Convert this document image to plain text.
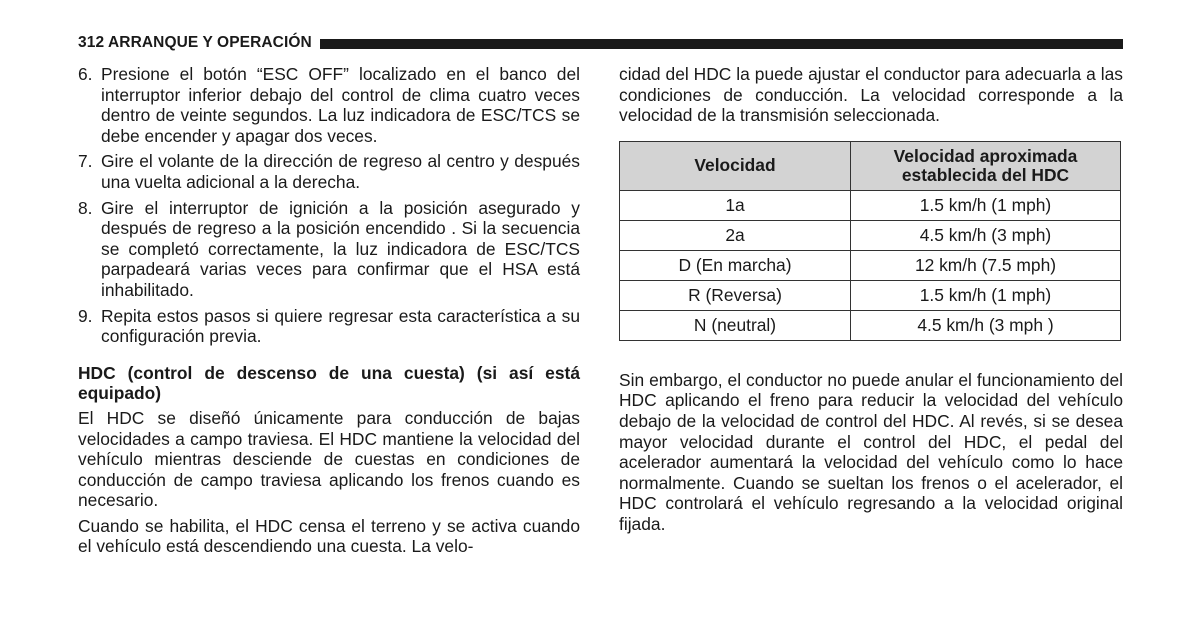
312 ARRANQUE Y OPERACIÓN
6. Presione el botón “ESC OFF” localizado en el banco del interruptor inferior debajo del control de clima cuatro veces dentro de veinte segundos. La luz indicadora de ESC/TCS se debe encender y apagar dos veces.
7. Gire el volante de la dirección de regreso al centro y después una vuelta adicional a la derecha.
8. Gire el interruptor de ignición a la posición asegurado y después de regreso a la posición encendido . Si la secuencia se completó correctamente, la luz indicadora de ESC/TCS parpadeará varias veces para confirmar que el HSA está inhabilitado.
9. Repita estos pasos si quiere regresar esta característica a su configuración previa.

HDC (control de descenso de una cuesta) (si así está equipado)

El HDC se diseñó únicamente para conducción de bajas velocidades a campo traviesa. El HDC mantiene la velocidad del vehículo mientras desciende de cuestas en condiciones de conducción de campo traviesa aplicando los frenos cuando es necesario.

Cuando se habilita, el HDC censa el terreno y se activa cuando el vehículo está descendiendo una cuesta. La velo-

cidad del HDC la puede ajustar el conductor para adecuarla a las condiciones de conducción. La velocidad corresponde a la velocidad de la transmisión seleccionada.

Velocidad	Velocidad aproximada establecida del HDC
1a	1.5 km/h (1 mph)
2a	4.5 km/h (3 mph)
D (En marcha)	12 km/h (7.5 mph)
R (Reversa)	1.5 km/h (1 mph)
N (neutral)	4.5 km/h (3 mph )

Sin embargo, el conductor no puede anular el funcionamiento del HDC aplicando el freno para reducir la velocidad del vehículo debajo de la velocidad de control del HDC. Al revés, si se desea mayor velocidad durante el control del HDC, el pedal del acelerador aumentará la velocidad del vehículo como lo hace normalmente. Cuando se sueltan los frenos o el acelerador, el HDC controlará el vehículo regresando a la velocidad original fijada.
